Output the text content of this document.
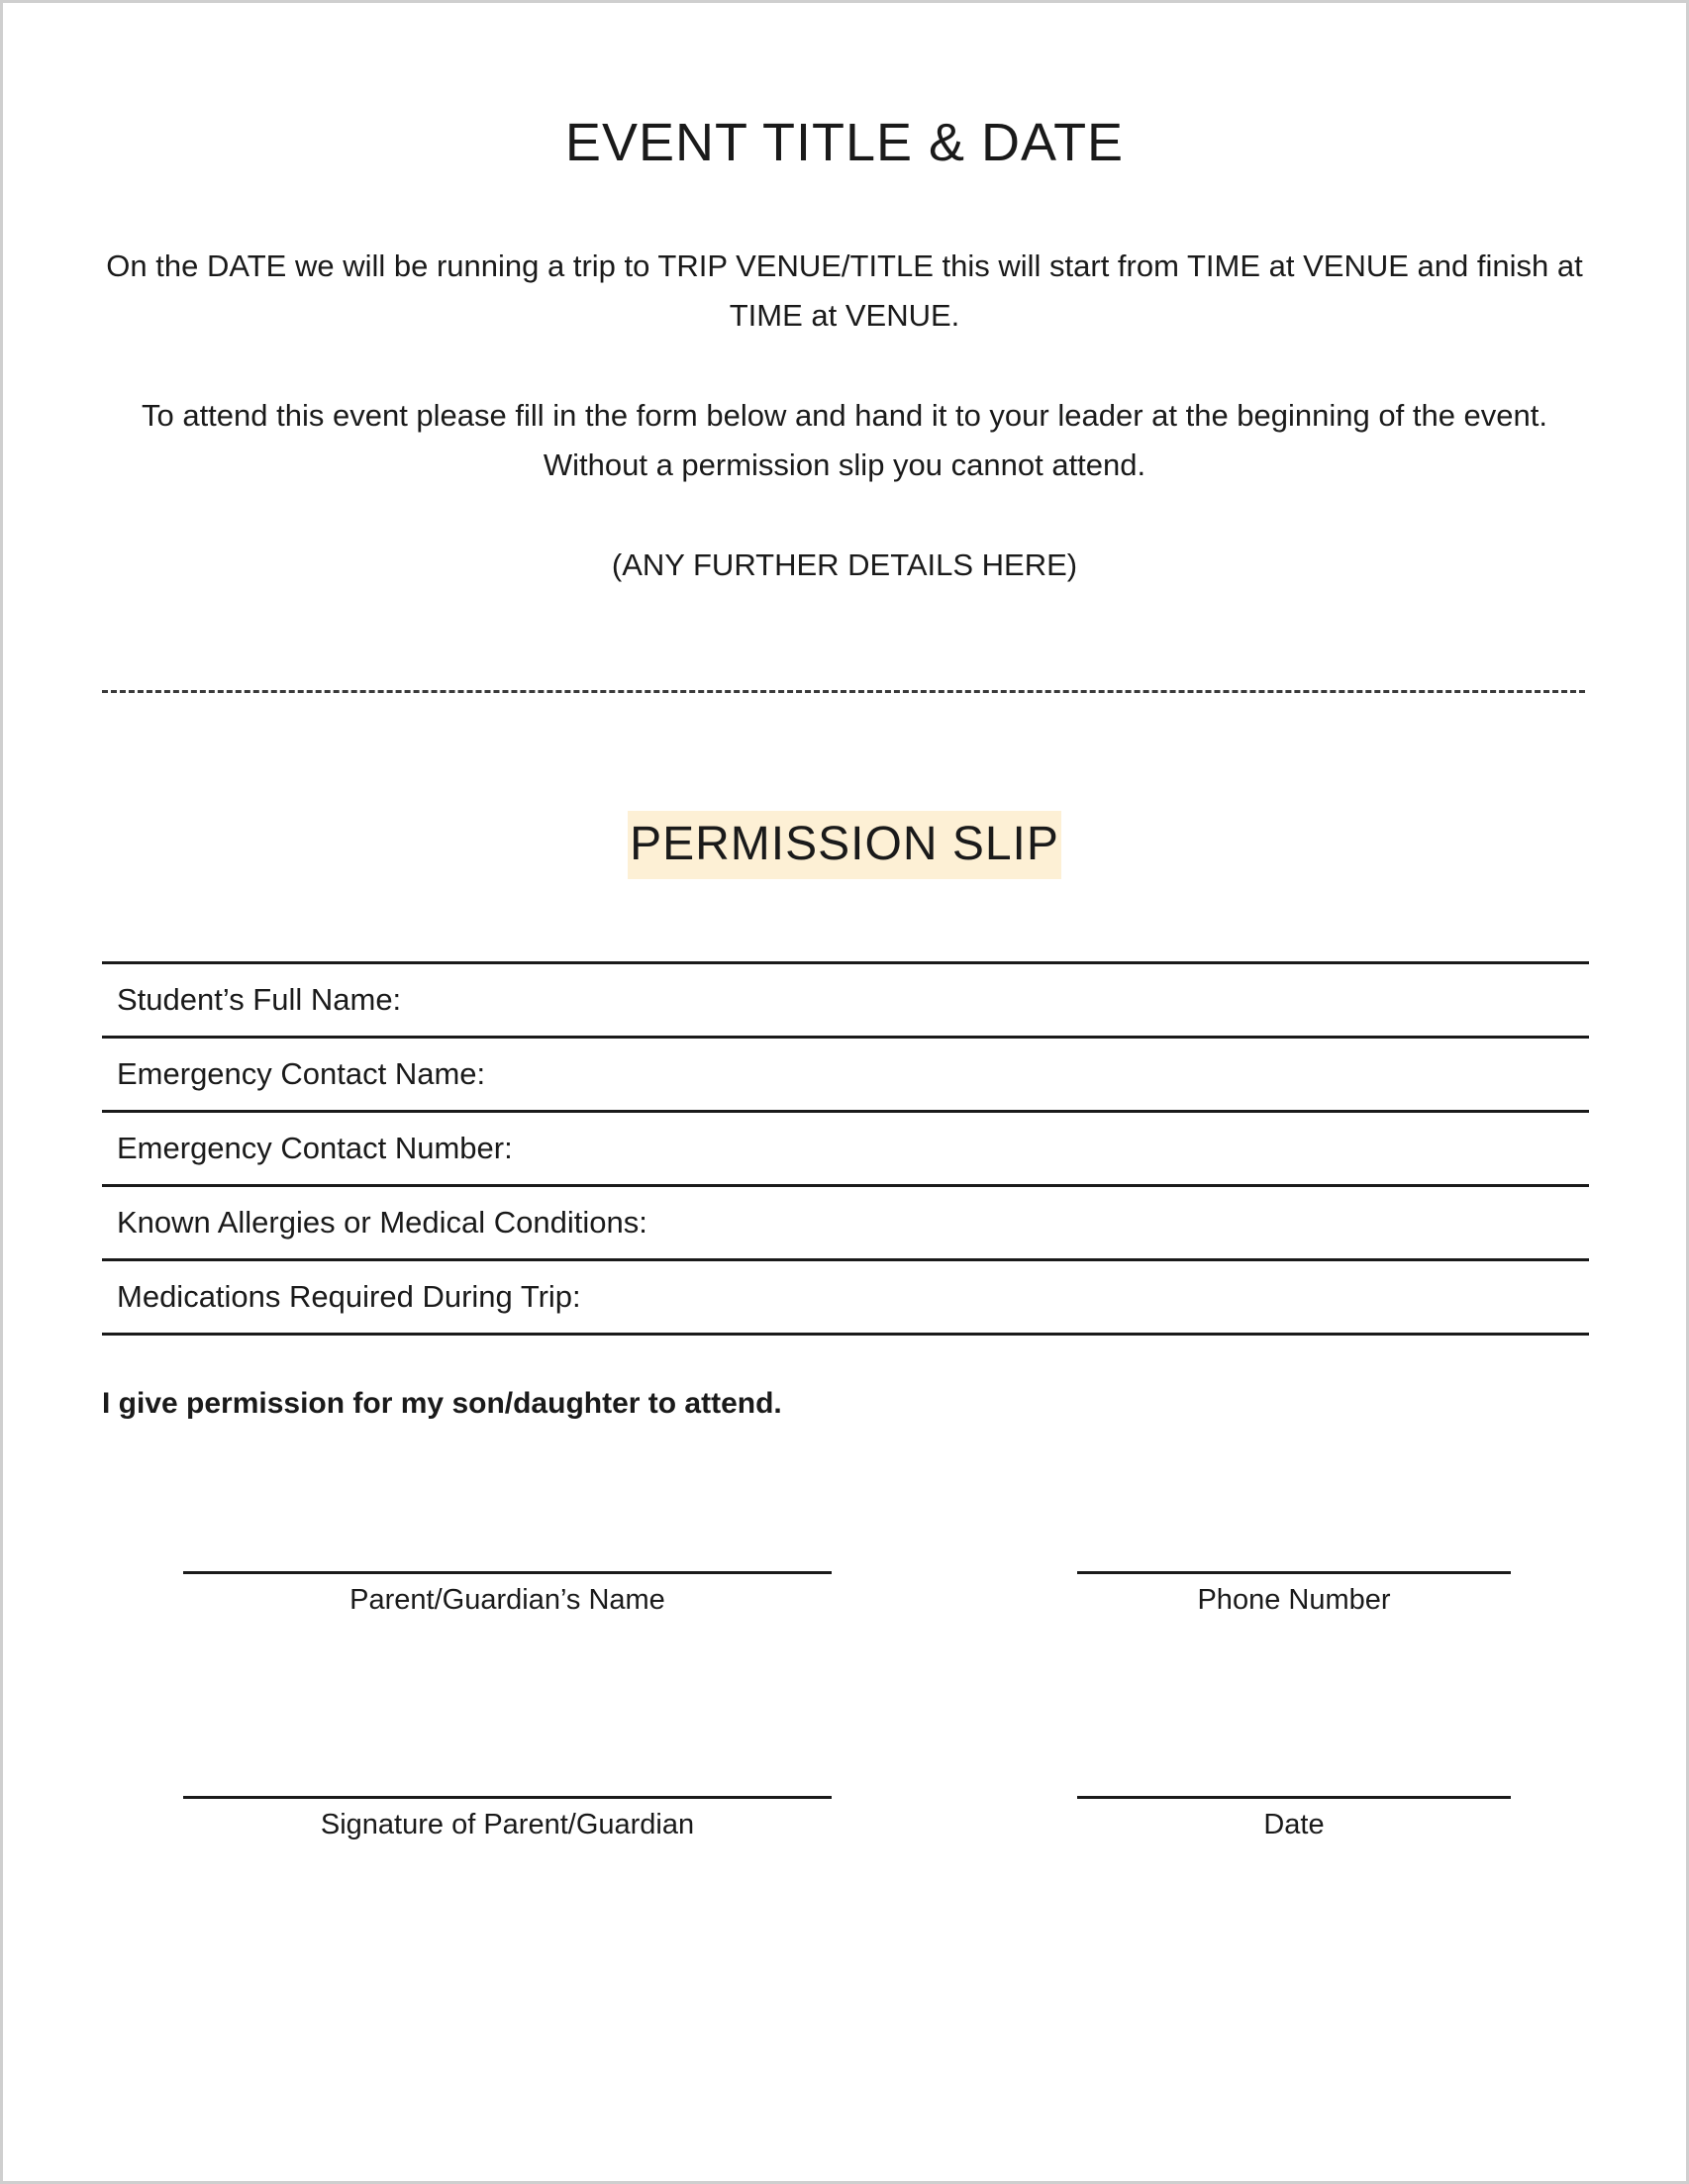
EVENT TITLE & DATE

On the DATE we will be running a trip to TRIP VENUE/TITLE this will start from TIME at VENUE and finish at TIME at VENUE.

To attend this event please fill in the form below and hand it to your leader at the beginning of the event. Without a permission slip you cannot attend.

(ANY FURTHER DETAILS HERE)

PERMISSION SLIP
Student’s Full Name:
Emergency Contact Name:
Emergency Contact Number:
Known Allergies or Medical Conditions:
Medications Required During Trip:

I give permission for my son/daughter to attend.

Parent/Guardian’s Name	Phone Number
Signature of Parent/Guardian	Date
